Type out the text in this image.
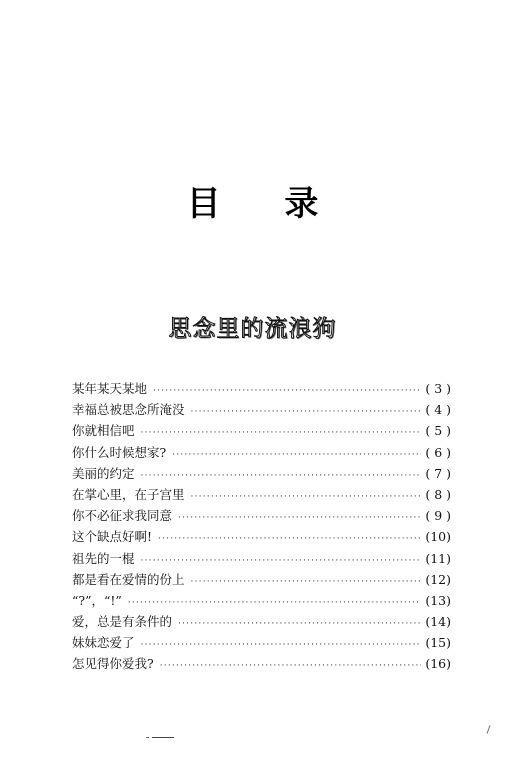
目 录
思念里的流浪狗
某年某天某地 ·····	( 3 )
幸福总被思念所淹没 ·····	( 4 )
你就相信吧 ·····	( 5 )
你什么时候想家? ·····	( 6 )
美丽的约定 ·····	( 7 )
在掌心里，在子宫里 ·····	( 8 )
你不必征求我同意 ·····	( 9 )
这个缺点好啊! ·····	(10)
祖先的一棍 ·····	(11)
都是看在爱情的份上 ·····	(12)
“?”，“!” ·····	(13)
爱，总是有条件的 ·····	(14)
妹妹恋爱了 ·····	(15)
怎见得你爱我? ·····	(16)
